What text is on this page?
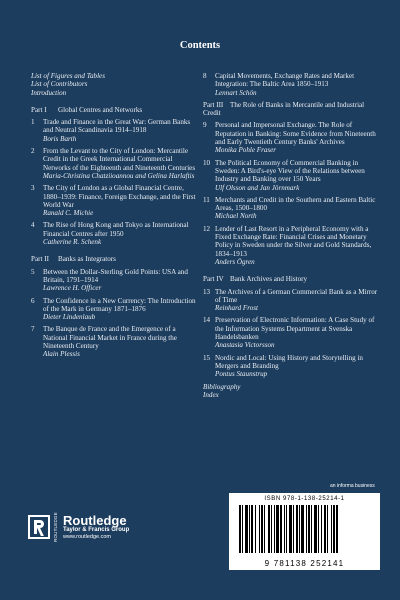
Contents
List of Figures and Tables
List of Contributors
Introduction
Part I Global Centres and Networks
1	Trade and Finance in the Great War: German Banks and Neutral Scandinavia 1914–1918
Boris Barth
2	From the Levant to the City of London: Mercantile Credit in the Greek International Commercial Networks of the Eighteenth and Nineteenth Centuries
Maria-Christina Chatziioannou and Gelina Harlaftis
3	The City of London as a Global Financial Centre, 1880–1939: Finance, Foreign Exchange, and the First World War
Ranald C. Michie
4	The Rise of Hong Kong and Tokyo as International Financial Centres after 1950
Catherine R. Schenk
Part II Banks as Integrators
5	Between the Dollar-Sterling Gold Points: USA and Britain, 1791–1914
Lawrence H. Officer
6	The Confidence in a New Currency: The Introduction of the Mark in Germany 1871–1876
Dieter Lindenlaub
7	The Banque de France and the Emergence of a National Financial Market in France during the Nineteenth Century
Alain Plessis
8	Capital Movements, Exchange Rates and Market Integration: The Baltic Area 1850–1913
Lennart Schön
Part III The Role of Banks in Mercantile and Industrial Credit
9	Personal and Impersonal Exchange. The Role of Reputation in Banking: Some Evidence from Nineteenth and Early Twentieth Century Banks' Archives
Monika Pohle Fraser
10 The Political Economy of Commercial Banking in Sweden: A Bird's-eye View of the Relations between Industry and Banking over 150 Years
Ulf Olsson and Jan Jörnmark
11 Merchants and Credit in the Southern and Eastern Baltic Areas, 1500–1800
Michael North
12 Lender of Last Resort in a Peripheral Economy with a Fixed Exchange Rate: Financial Crises and Monetary Policy in Sweden under the Silver and Gold Standards, 1834–1913
Anders Ögren
Part IV Bank Archives and History
13 The Archives of a German Commercial Bank as a Mirror of Time
Reinhard Frost
14 Preservation of Electronic Information: A Case Study of the Information Systems Department at Svenska Handelsbanken
Anastasia Victorsson
15 Nordic and Local: Using History and Storytelling in Mergers and Branding
Pontus Staunstrup
Bibliography
Index
an informa business
ROUTLEDGE Routledge
Taylor & Francis Group
www.routledge.com
ISBN 978-1-138-25214-1
9 781138 252141
